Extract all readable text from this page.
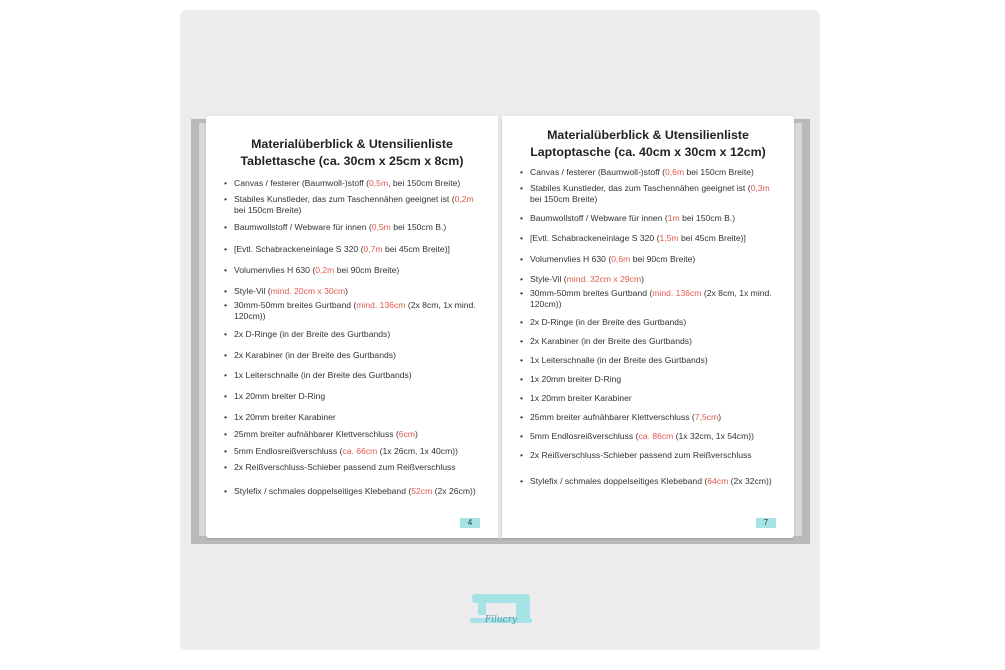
Materialüberblick & Utensilienliste
Tablettasche (ca. 30cm x 25cm x 8cm)
• Canvas / festerer (Baumwoll-)stoff (0,5m, bei 150cm Breite)
• Stabiles Kunstleder, das zum Taschennähen geeignet ist (0,2m bei 150cm Breite)
• Baumwollstoff / Webware für innen (0,5m bei 150cm B.)
• [Evtl. Schabrackeneinlage S 320 (0,7m bei 45cm Breite)]
• Volumenvlies H 630 (0,2m bei 90cm Breite)
• Style-Vil (mind. 20cm x 30cm)
• 30mm-50mm breites Gurtband (mind. 136cm (2x 8cm, 1x mind. 120cm))
• 2x D-Ringe (in der Breite des Gurtbands)
• 2x Karabiner (in der Breite des Gurtbands)
• 1x Leiterschnalle (in der Breite des Gurtbands)
• 1x 20mm breiter D-Ring
• 1x 20mm breiter Karabiner
• 25mm breiter aufnähbarer Klettverschluss (6cm)
• 5mm Endlosreißverschluss (ca. 66cm (1x 26cm, 1x 40cm))
• 2x Reißverschluss-Schieber passend zum Reißverschluss
• Stylefix / schmales doppelseitiges Klebeband (52cm (2x 26cm))
4
Materialüberblick & Utensilienliste
Laptoptasche (ca. 40cm x 30cm x 12cm)
• Canvas / festerer (Baumwoll-)stoff (0,6m bei 150cm Breite)
• Stabiles Kunstleder, das zum Taschennähen geeignet ist (0,3m bei 150cm Breite)
• Baumwollstoff / Webware für innen (1m bei 150cm B.)
• [Evtl. Schabrackeneinlage S 320 (1,5m bei 45cm Breite)]
• Volumenvlies H 630 (0,6m bei 90cm Breite)
• Style-Vil (mind. 32cm x 29cm)
• 30mm-50mm breites Gurtband (mind. 136cm (2x 8cm, 1x mind. 120cm))
• 2x D-Ringe (in der Breite des Gurtbands)
• 2x Karabiner (in der Breite des Gurtbands)
• 1x Leiterschnalle (in der Breite des Gurtbands)
• 1x 20mm breiter D-Ring
• 1x 20mm breiter Karabiner
• 25mm breiter aufnähbarer Klettverschluss (7,5cm)
• 5mm Endlosreißverschluss (ca. 86cm (1x 32cm, 1x 54cm))
• 2x Reißverschluss-Schieber passend zum Reißverschluss
• Stylefix / schmales doppelseitiges Klebeband (64cm (2x 32cm))
7
Filucry
